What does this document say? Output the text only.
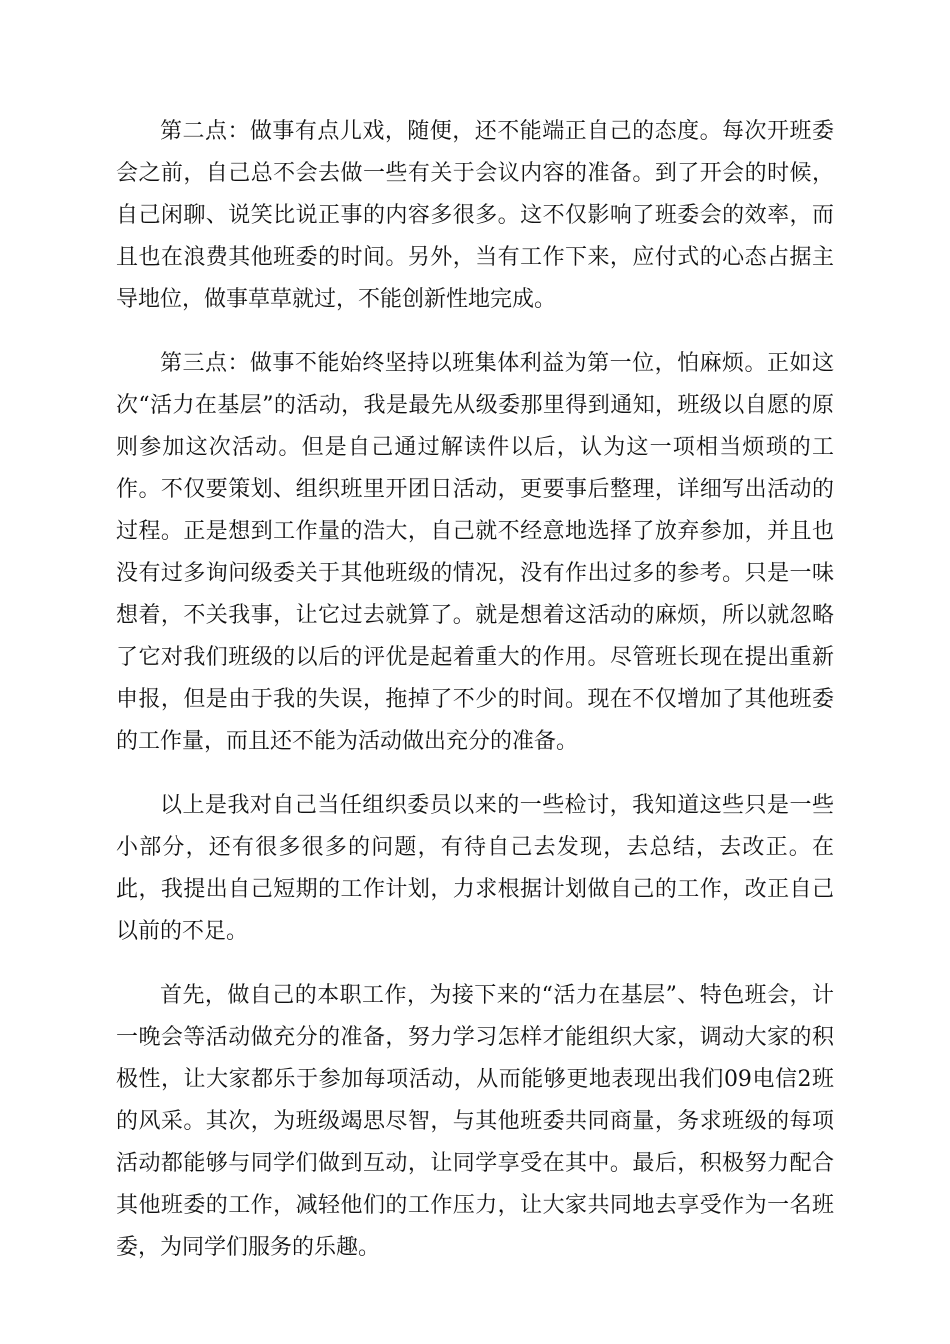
第二点：做事有点儿戏，随便，还不能端正自己的态度。每次开班委会之前，自己总不会去做一些有关于会议内容的准备。到了开会的时候，自己闲聊、说笑比说正事的内容多很多。这不仅影响了班委会的效率，而且也在浪费其他班委的时间。另外，当有工作下来，应付式的心态占据主导地位，做事草草就过，不能创新性地完成。

第三点：做事不能始终坚持以班集体利益为第一位，怕麻烦。正如这次“活力在基层”的活动，我是最先从级委那里得到通知，班级以自愿的原则参加这次活动。但是自己通过解读件以后，认为这一项相当烦琐的工作。不仅要策划、组织班里开团日活动，更要事后整理，详细写出活动的过程。正是想到工作量的浩大，自己就不经意地选择了放弃参加，并且也没有过多询问级委关于其他班级的情况，没有作出过多的参考。只是一味想着，不关我事，让它过去就算了。就是想着这活动的麻烦，所以就忽略了它对我们班级的以后的评优是起着重大的作用。尽管班长现在提出重新申报，但是由于我的失误，拖掉了不少的时间。现在不仅增加了其他班委的工作量，而且还不能为活动做出充分的准备。

以上是我对自己当任组织委员以来的一些检讨，我知道这些只是一些小部分，还有很多很多的问题，有待自己去发现，去总结，去改正。在此，我提出自己短期的工作计划，力求根据计划做自己的工作，改正自己以前的不足。

首先，做自己的本职工作，为接下来的“活力在基层”、特色班会，计一晚会等活动做充分的准备，努力学习怎样才能组织大家，调动大家的积极性，让大家都乐于参加每项活动，从而能够更地表现出我们09电信2班的风采。其次，为班级竭思尽智，与其他班委共同商量，务求班级的每项活动都能够与同学们做到互动，让同学享受在其中。最后，积极努力配合其他班委的工作，减轻他们的工作压力，让大家共同地去享受作为一名班委，为同学们服务的乐趣。
